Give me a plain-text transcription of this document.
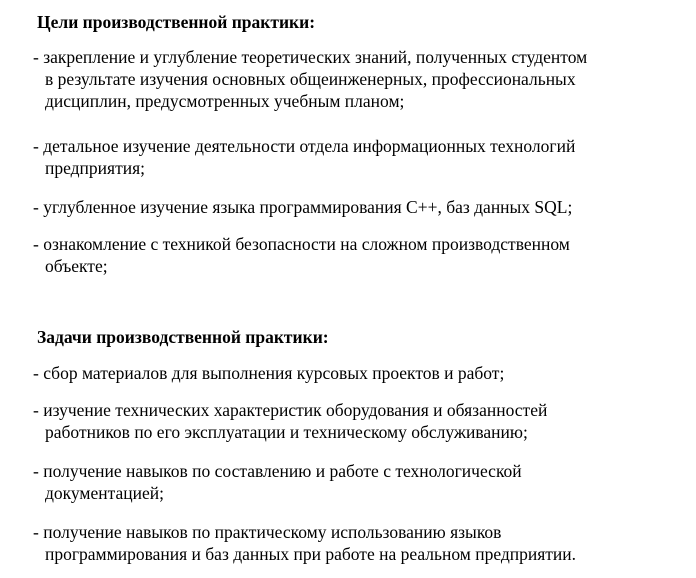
Цели производственной практики:
- закрепление и углубление теоретических знаний, полученных студентом
в результате изучения основных общеинженерных, профессиональных
дисциплин, предусмотренных учебным планом;
- детальное изучение деятельности отдела информационных технологий
предприятия;
- углубленное изучение языка программирования С++, баз данных SQL;
- ознакомление с техникой безопасности на сложном производственном
объекте;
Задачи производственной практики:
- сбор материалов для выполнения курсовых проектов и работ;
- изучение технических характеристик оборудования и обязанностей
работников по его эксплуатации и техническому обслуживанию;
- получение навыков по составлению и работе с технологической
документацией;
- получение навыков по практическому использованию языков
программирования и баз данных при работе на реальном предприятии.
